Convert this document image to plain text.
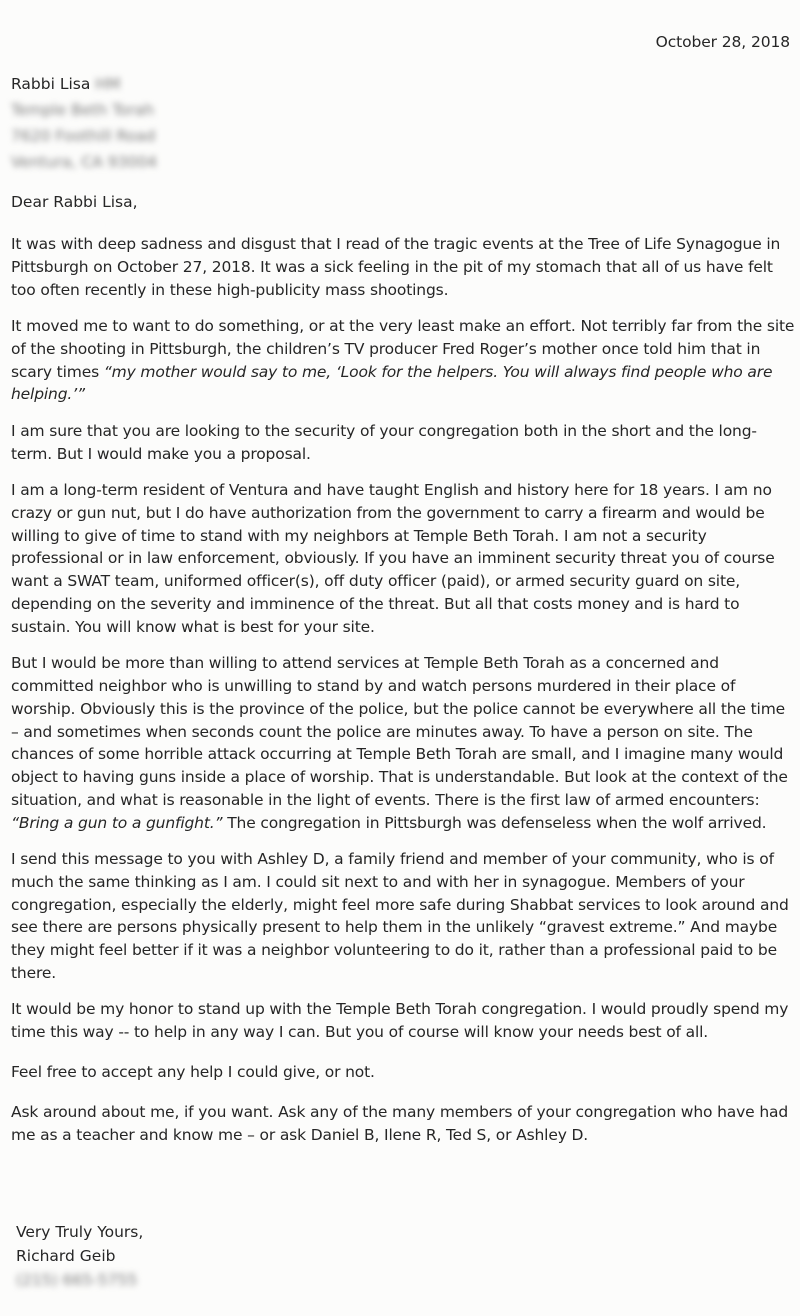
October 28, 2018
Rabbi Lisa HM
Temple Beth Torah
7620 Foothill Road
Ventura, CA 93004
Dear Rabbi Lisa,

It was with deep sadness and disgust that I read of the tragic events at the Tree of Life Synagogue in Pittsburgh on October 27, 2018. It was a sick feeling in the pit of my stomach that all of us have felt too often recently in these high-publicity mass shootings.

It moved me to want to do something, or at the very least make an effort. Not terribly far from the site of the shooting in Pittsburgh, the children’s TV producer Fred Roger’s mother once told him that in scary times “my mother would say to me, ‘Look for the helpers. You will always find people who are helping.’”

I am sure that you are looking to the security of your congregation both in the short and the long-term. But I would make you a proposal.

I am a long-term resident of Ventura and have taught English and history here for 18 years. I am no crazy or gun nut, but I do have authorization from the government to carry a firearm and would be willing to give of time to stand with my neighbors at Temple Beth Torah. I am not a security professional or in law enforcement, obviously. If you have an imminent security threat you of course want a SWAT team, uniformed officer(s), off duty officer (paid), or armed security guard on site, depending on the severity and imminence of the threat. But all that costs money and is hard to sustain. You will know what is best for your site.

But I would be more than willing to attend services at Temple Beth Torah as a concerned and committed neighbor who is unwilling to stand by and watch persons murdered in their place of worship. Obviously this is the province of the police, but the police cannot be everywhere all the time – and sometimes when seconds count the police are minutes away. To have a person on site. The chances of some horrible attack occurring at Temple Beth Torah are small, and I imagine many would object to having guns inside a place of worship. That is understandable. But look at the context of the situation, and what is reasonable in the light of events. There is the first law of armed encounters: “Bring a gun to a gunfight.” The congregation in Pittsburgh was defenseless when the wolf arrived.

I send this message to you with Ashley D, a family friend and member of your community, who is of much the same thinking as I am. I could sit next to and with her in synagogue. Members of your congregation, especially the elderly, might feel more safe during Shabbat services to look around and see there are persons physically present to help them in the unlikely “gravest extreme.” And maybe they might feel better if it was a neighbor volunteering to do it, rather than a professional paid to be there.

It would be my honor to stand up with the Temple Beth Torah congregation. I would proudly spend my time this way -- to help in any way I can. But you of course will know your needs best of all.

Feel free to accept any help I could give, or not.

Ask around about me, if you want. Ask any of the many members of your congregation who have had me as a teacher and know me – or ask Daniel B, Ilene R, Ted S, or Ashley D.

Very Truly Yours,
Richard Geib
(215) 665-5755
